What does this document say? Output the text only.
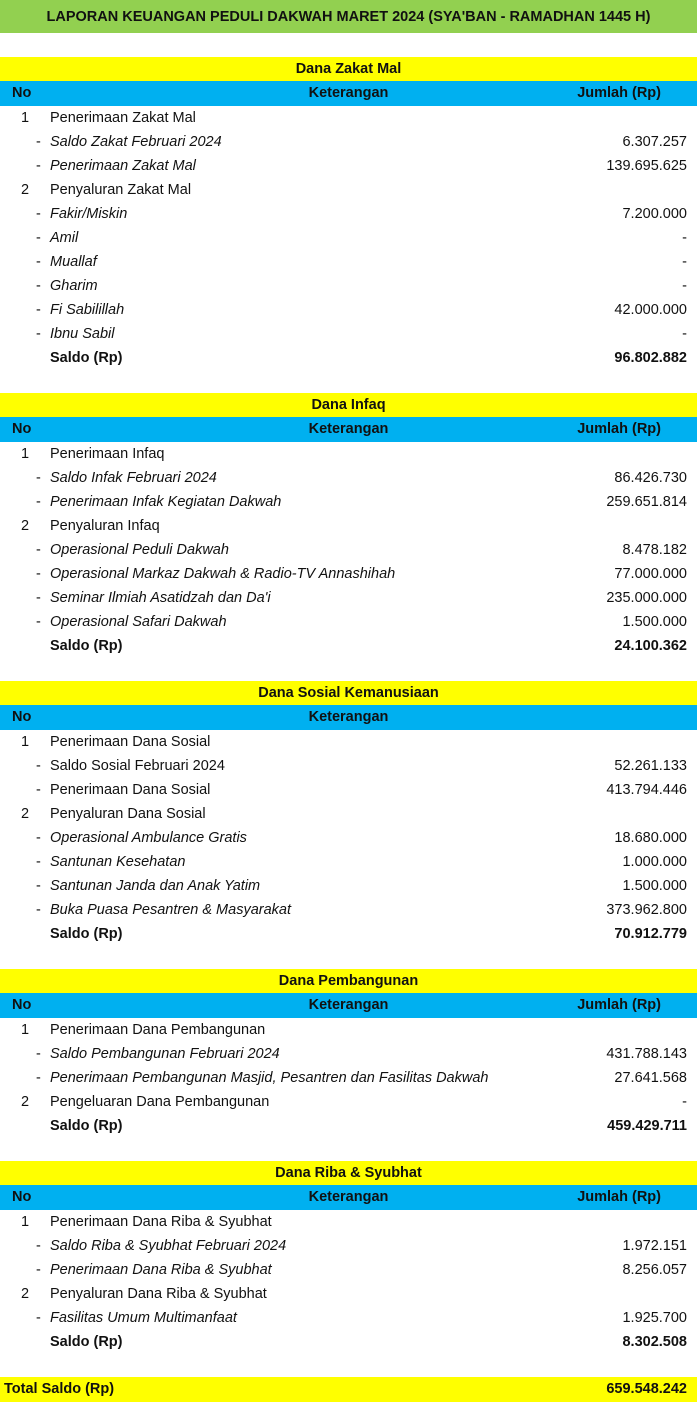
LAPORAN KEUANGAN PEDULI DAKWAH MARET 2024 (SYA'BAN - RAMADHAN 1445 H)
Dana Zakat Mal
No	Keterangan	Jumlah (Rp)
1 Penerimaan Zakat Mal
- Saldo Zakat Februari 2024	6.307.257
- Penerimaan Zakat Mal	139.695.625
2 Penyaluran Zakat Mal
- Fakir/Miskin	7.200.000
- Amil	-
- Muallaf	-
- Gharim	-
- Fi Sabilillah	42.000.000
- Ibnu Sabil	-
Saldo (Rp)	96.802.882
Dana Infaq
No	Keterangan	Jumlah (Rp)
1 Penerimaan Infaq
- Saldo Infak Februari 2024	86.426.730
- Penerimaan Infak Kegiatan Dakwah	259.651.814
2 Penyaluran Infaq
- Operasional Peduli Dakwah	8.478.182
- Operasional Markaz Dakwah & Radio-TV Annashihah	77.000.000
- Seminar Ilmiah Asatidzah dan Da'i	235.000.000
- Operasional Safari Dakwah	1.500.000
Saldo (Rp)	24.100.362
Dana Sosial Kemanusiaan
No	Keterangan
1 Penerimaan Dana Sosial
- Saldo Sosial Februari 2024	52.261.133
- Penerimaan Dana Sosial	413.794.446
2 Penyaluran Dana Sosial
- Operasional Ambulance Gratis	18.680.000
- Santunan Kesehatan	1.000.000
- Santunan Janda dan Anak Yatim	1.500.000
- Buka Puasa Pesantren & Masyarakat	373.962.800
Saldo (Rp)	70.912.779
Dana Pembangunan
No	Keterangan	Jumlah (Rp)
1 Penerimaan Dana Pembangunan
- Saldo Pembangunan Februari 2024	431.788.143
- Penerimaan Pembangunan Masjid, Pesantren dan Fasilitas Dakwah	27.641.568
2 Pengeluaran Dana Pembangunan	-
Saldo (Rp)	459.429.711
Dana Riba & Syubhat
No	Keterangan	Jumlah (Rp)
1 Penerimaan Dana Riba & Syubhat
- Saldo Riba & Syubhat Februari 2024	1.972.151
- Penerimaan Dana Riba & Syubhat	8.256.057
2 Penyaluran Dana Riba & Syubhat
- Fasilitas Umum Multimanfaat	1.925.700
Saldo (Rp)	8.302.508
Total Saldo (Rp)	659.548.242
